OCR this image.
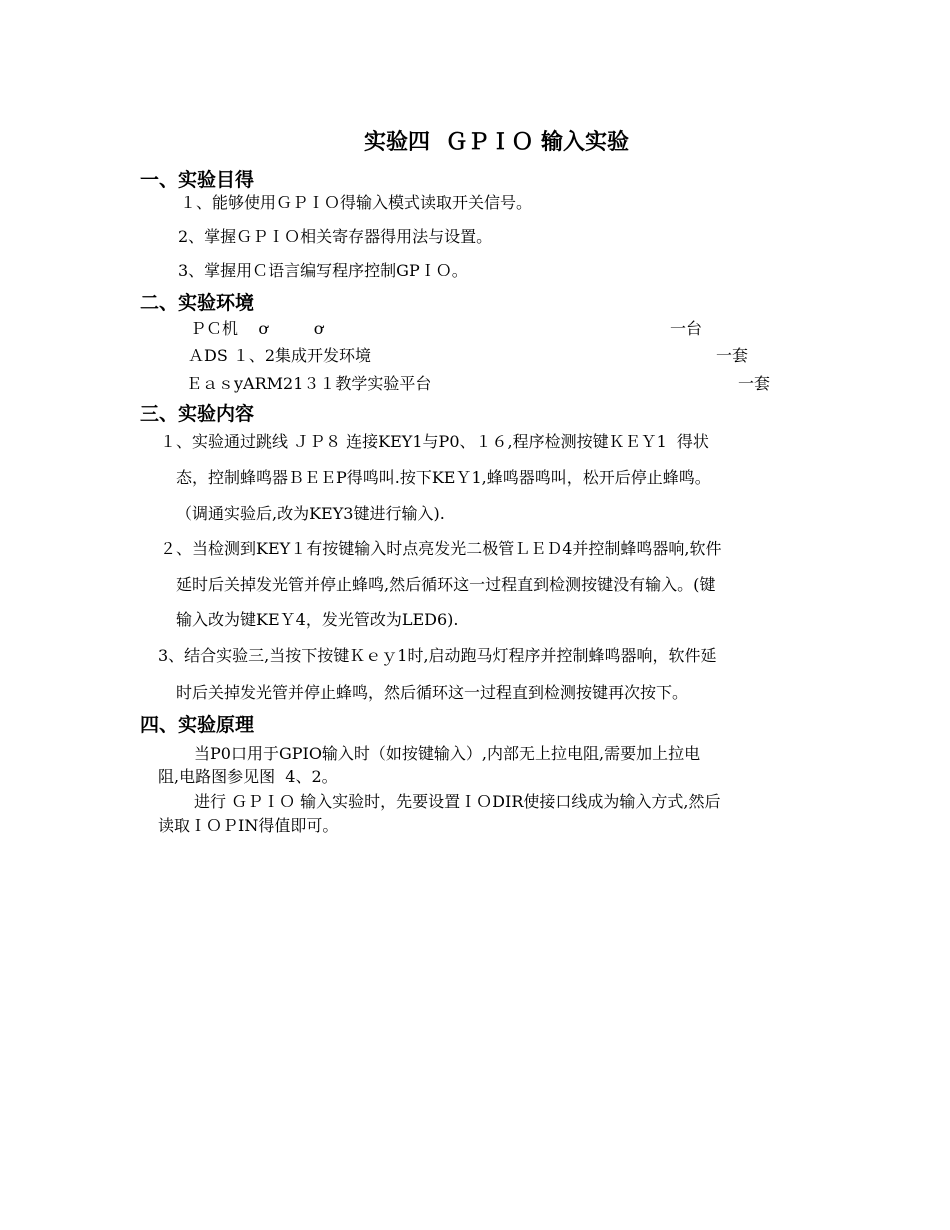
实验四  ＧＰＩＯ 输入实验
一、实验目得
１、能够使用ＧＰＩＯ得输入模式读取开关信号。
2、掌握ＧＰＩＯ相关寄存器得用法与设置。
3、掌握用Ｃ语言编写程序控制GPＩＯ。
二、实验环境
ＰＣ机    ơ         ơ	一台
ＡDS １、2集成开发环境	一套
ＥａｓyARM21３１教学实验平台	一套
三、实验内容
１、实验通过跳线 ＪＰ８ 连接KEY1与P0、１６,程序检测按键ＫＥＹ1  得状
态，控制蜂鸣器ＢＥＥP得鸣叫.按下KEＹ1,蜂鸣器鸣叫，松开后停止蜂鸣。
（调通实验后,改为KEY3键进行输入).
２、当检测到KEY１有按键输入时点亮发光二极管ＬＥＤ4并控制蜂鸣器响,软件
延时后关掉发光管并停止蜂鸣,然后循环这一过程直到检测按键没有输入。(键
输入改为键KEＹ4，发光管改为LED6).
3、结合实验三,当按下按键Ｋｅｙ1时,启动跑马灯程序并控制蜂鸣器响，软件延
时后关掉发光管并停止蜂鸣，然后循环这一过程直到检测按键再次按下。
四、实验原理
当P0口用于GPIO输入时（如按键输入）,内部无上拉电阻,需要加上拉电
阻,电路图参见图  4、2。
进行 ＧＰＩＯ 输入实验时，先要设置ＩＯDIR使接口线成为输入方式,然后
读取ＩＯＰIN得值即可。
